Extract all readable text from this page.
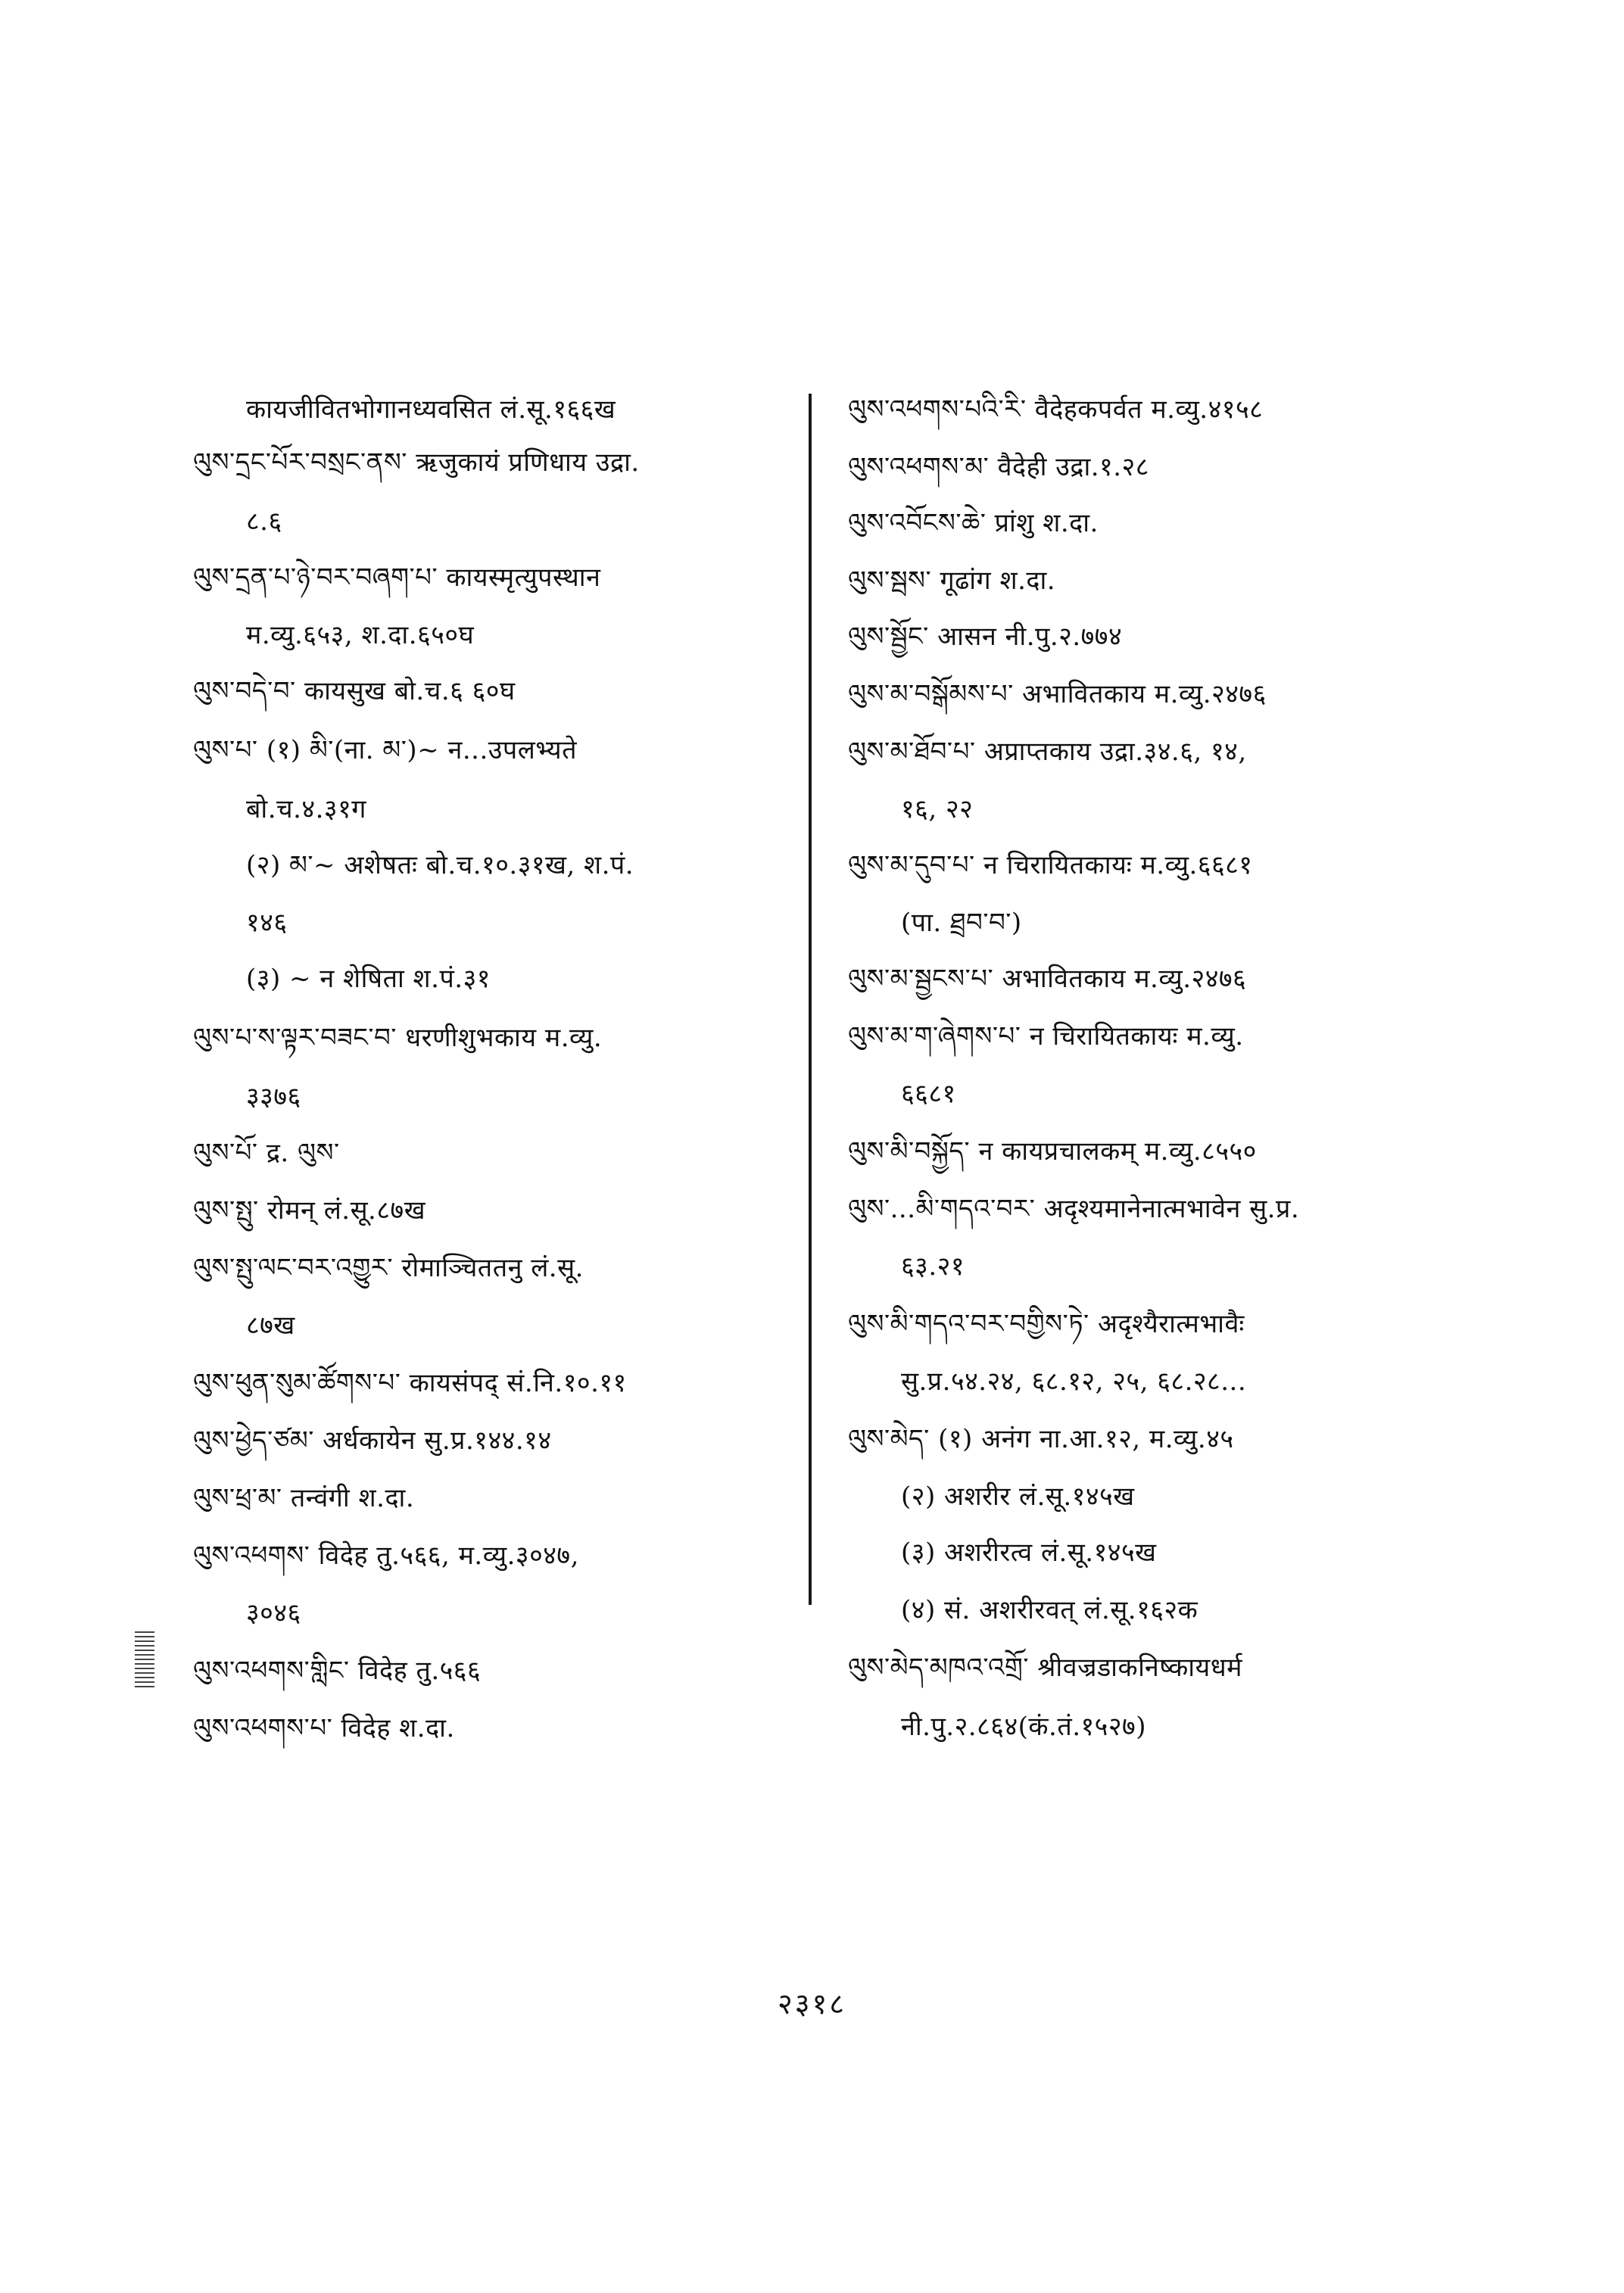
कायजीवितभोगानध्यवसित लं.सू.१६६ख
ལུས་དྲང་པོར་བསྲང་ནས་ ऋजुकायं प्रणिधाय उद्रा.
८.६
ལུས་དྲན་པ་ཉེ་བར་བཞག་པ་ कायस्मृत्युपस्थान
म.व्यु.६५३, श.दा.६५०घ
ལུས་བདེ་བ་ कायसुख बो.च.६ ६०घ
ལུས་པ་ (१) མི་(ना. མ་)~ न...उपलभ्यते
बो.च.४.३१ग
(२) མ་~ अशेषतः बो.च.१०.३१ख, श.पं.
१४६
(३) ~ न शेषिता श.पं.३१
ལུས་པ་ས་ལྟར་བཟང་བ་ धरणीशुभकाय म.व्यु.
३३७६
ལུས་པོ་ द्र. ལུས་
ལུས་སྤུ་ रोमन् लं.सू.८७ख
ལུས་སྤུ་ལང་བར་འགྱུར་ रोमाञ्चिततनु लं.सू.
८७ख
ལུས་ཕུན་སུམ་ཚོགས་པ་ कायसंपद् सं.नि.१०.११
ལུས་ཕྱེད་ཙམ་ अर्धकायेन सु.प्र.१४४.१४
ལུས་ཕྲ་མ་ तन्वंगी श.दा.
ལུས་འཕགས་ विदेह तु.५६६, म.व्यु.३०४७,
३०४६
ལུས་འཕགས་གླིང་ विदेह तु.५६६
ལུས་འཕགས་པ་ विदेह श.दा.
ལུས་འཕགས་པའི་རི་ वैदेहकपर्वत म.व्यु.४१५८
ལུས་འཕགས་མ་ वैदेही उद्रा.१.२८
ལུས་འབོངས་ཆེ་ प्रांशु श.दा.
ལུས་སྦས་ गूढांग श.दा.
ལུས་སྦྱོང་ आसन नी.पु.२.७७४
ལུས་མ་བསྒོམས་པ་ अभावितकाय म.व्यु.२४७६
ལུས་མ་ཐོབ་པ་ अप्राप्तकाय उद्रा.३४.६, १४,
१६, २२
ལུས་མ་དུབ་པ་ न चिरायितकायः म.व्यु.६६८१
(पा. ཐྲབ་བ་)
ལུས་མ་སྦྱངས་པ་ अभावितकाय म.व्यु.२४७६
ལུས་མ་ག་ཞེགས་པ་ न चिरायितकायः म.व्यु.
६६८१
ལུས་མི་བསྐྱོད་ न कायप्रचालकम् म.व्यु.८५५०
ལུས་...མི་གདའ་བར་ अदृश्यमानेनात्मभावेन सु.प्र.
६३.२१
ལུས་མི་གདའ་བར་བགྱིས་ཏེ་ अदृश्यैरात्मभावैः
सु.प्र.५४.२४, ६८.१२, २५, ६८.२८...
ལུས་མེད་ (१) अनंग ना.आ.१२, म.व्यु.४५
(२) अशरीर लं.सू.१४५ख
(३) अशरीरत्व लं.सू.१४५ख
(४) सं. अशरीरवत् लं.सू.१६२क
ལུས་མེད་མཁའ་འགྲོ་ श्रीवज्रडाकनिष्कायधर्म
नी.पु.२.८६४(कं.तं.१५२७)
२३१८
